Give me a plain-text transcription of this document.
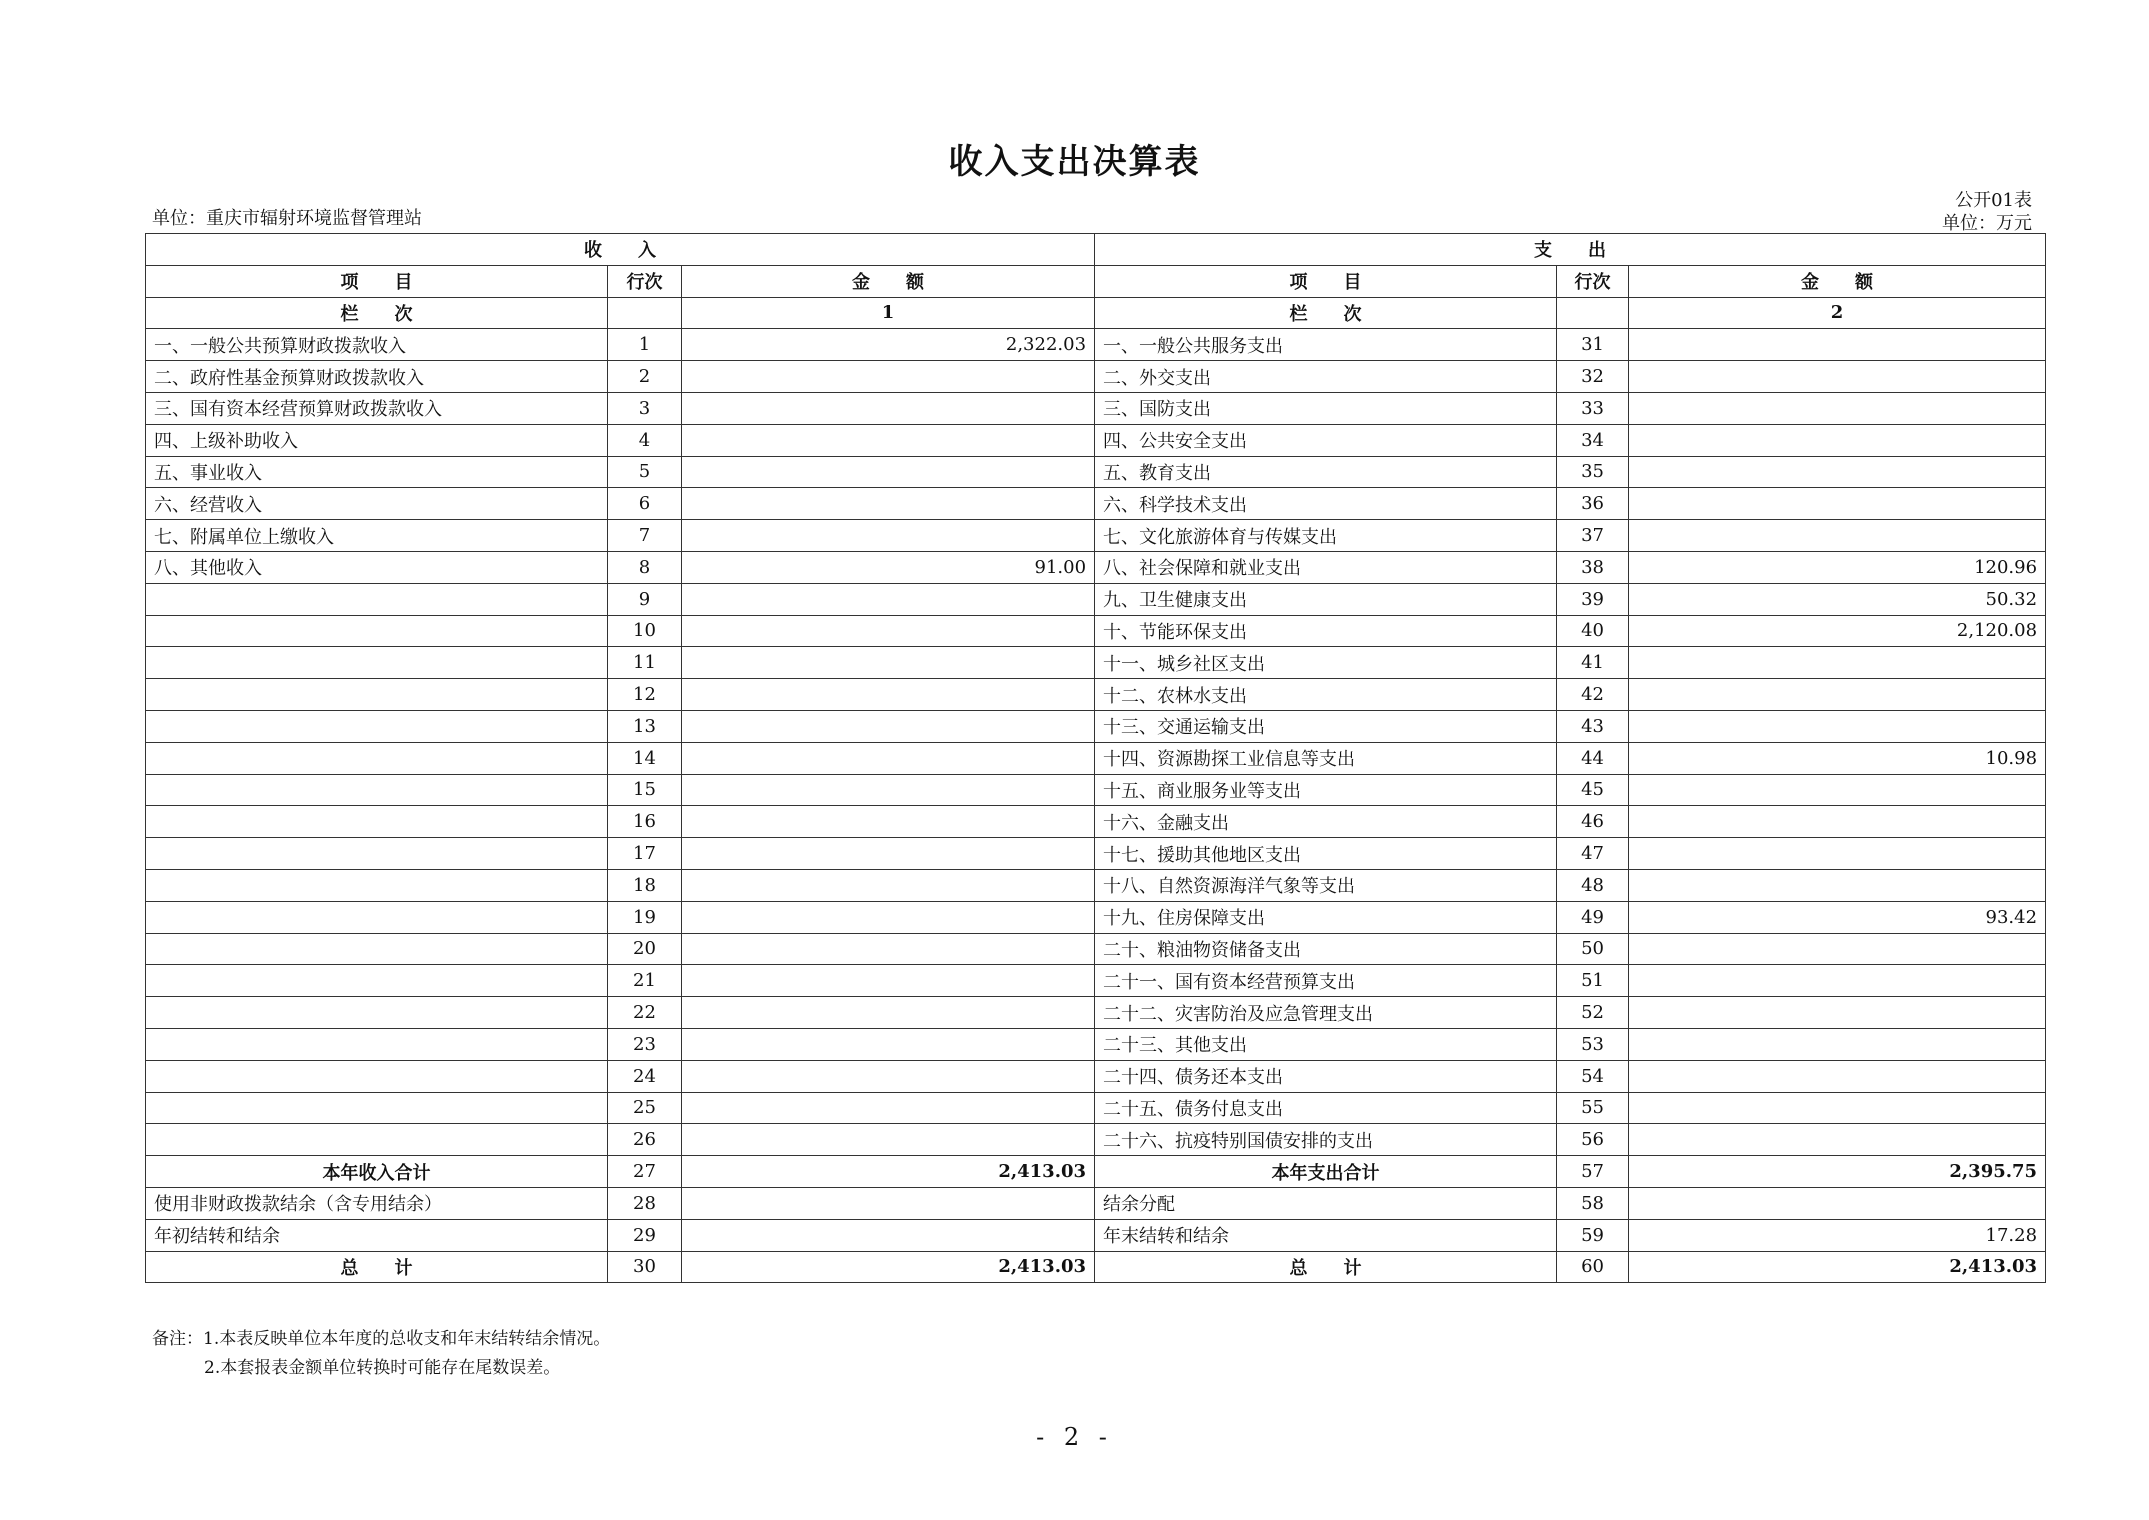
收入支出决算表
单位：重庆市辐射环境监督管理站
公开01表
单位：万元
收　　入			支　　出		
项　　目	行次	金　　额	项　　目	行次	金　　额
栏　　次		1	栏　　次		2
一、一般公共预算财政拨款收入	1	2,322.03	一、一般公共服务支出	31	
二、政府性基金预算财政拨款收入	2		二、外交支出	32	
三、国有资本经营预算财政拨款收入	3		三、国防支出	33	
四、上级补助收入	4		四、公共安全支出	34	
五、事业收入	5		五、教育支出	35	
六、经营收入	6		六、科学技术支出	36	
七、附属单位上缴收入	7		七、文化旅游体育与传媒支出	37	
八、其他收入	8	91.00	八、社会保障和就业支出	38	120.96
	9		九、卫生健康支出	39	50.32
	10		十、节能环保支出	40	2,120.08
	11		十一、城乡社区支出	41	
	12		十二、农林水支出	42	
	13		十三、交通运输支出	43	
	14		十四、资源勘探工业信息等支出	44	10.98
	15		十五、商业服务业等支出	45	
	16		十六、金融支出	46	
	17		十七、援助其他地区支出	47	
	18		十八、自然资源海洋气象等支出	48	
	19		十九、住房保障支出	49	93.42
	20		二十、粮油物资储备支出	50	
	21		二十一、国有资本经营预算支出	51	
	22		二十二、灾害防治及应急管理支出	52	
	23		二十三、其他支出	53	
	24		二十四、债务还本支出	54	
	25		二十五、债务付息支出	55	
	26		二十六、抗疫特别国债安排的支出	56	
本年收入合计	27	2,413.03	本年支出合计	57	2,395.75
使用非财政拨款结余（含专用结余）	28		结余分配	58	
年初结转和结余	29		年末结转和结余	59	17.28
总　　计	30	2,413.03	总　　计	60	2,413.03
备注：1.本表反映单位本年度的总收支和年末结转结余情况。
2.本套报表金额单位转换时可能存在尾数误差。
- 2 -
